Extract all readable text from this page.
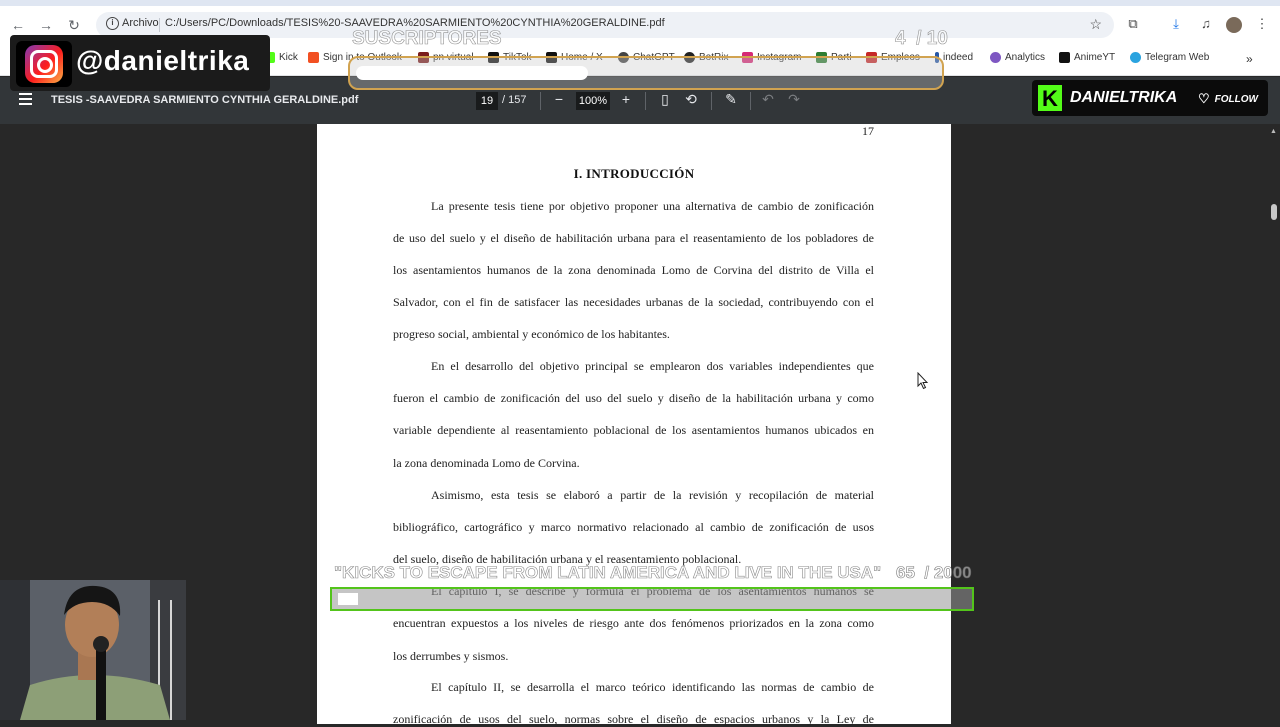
← → ↻	i Archivo C:/Users/PC/Downloads/TESIS%20-SAAVEDRA%20SARMIENTO%20CYNTHIA%20GERALDINE.pdf	☆ ⧉	⤓	♫	⋮
Kick	Sign in to Outlook	pn virtual	TikTok	Home / X	ChatGPT BotRix	Instagram	Parti	Empleos indeed	Analytics	AnimeYT	Telegram Web	»
TESIS -SAAVEDRA SARMIENTO CYNTHIA GERALDINE.pdf	19 / 157 −	100% + ▯ ⟲ ✎ ↶ ↷
17
I. INTRODUCCIÓN
La presente tesis tiene por objetivo proponer una alternativa de cambio de zonificación
de uso del suelo y el diseño de habilitación urbana para el reasentamiento de los pobladores de
los asentamientos humanos de la zona denominada Lomo de Corvina del distrito de Villa el
Salvador, con el fin de satisfacer las necesidades urbanas de la sociedad, contribuyendo con el
progreso social, ambiental y económico de los habitantes.
En el desarrollo del objetivo principal se emplearon dos variables independientes que
fueron el cambio de zonificación del uso del suelo y diseño de la habilitación urbana y como
variable dependiente al reasentamiento poblacional de los asentamientos humanos ubicados en
la zona denominada Lomo de Corvina.
Asimismo, esta tesis se elaboró a partir de la revisión y recopilación de material
bibliográfico, cartográfico y marco normativo relacionado al cambio de zonificación de usos
del suelo, diseño de habilitación urbana y el reasentamiento poblacional.
encuentran expuestos a los niveles de riesgo ante dos fenómenos priorizados en la zona como
los derrumbes y sismos.
El capítulo II, se desarrolla el marco teórico identificando las normas de cambio de
zonificación de usos del suelo, normas sobre el diseño de espacios urbanos y la Ley de
▲
@danieltrika
SUSCRIPTORES	4 / 10
K
DANIELTRIKA ♡ FOLLOW
"KICKS TO ESCAPE FROM LATIN AMERICA AND LIVE IN THE USA" 65 / 2000
